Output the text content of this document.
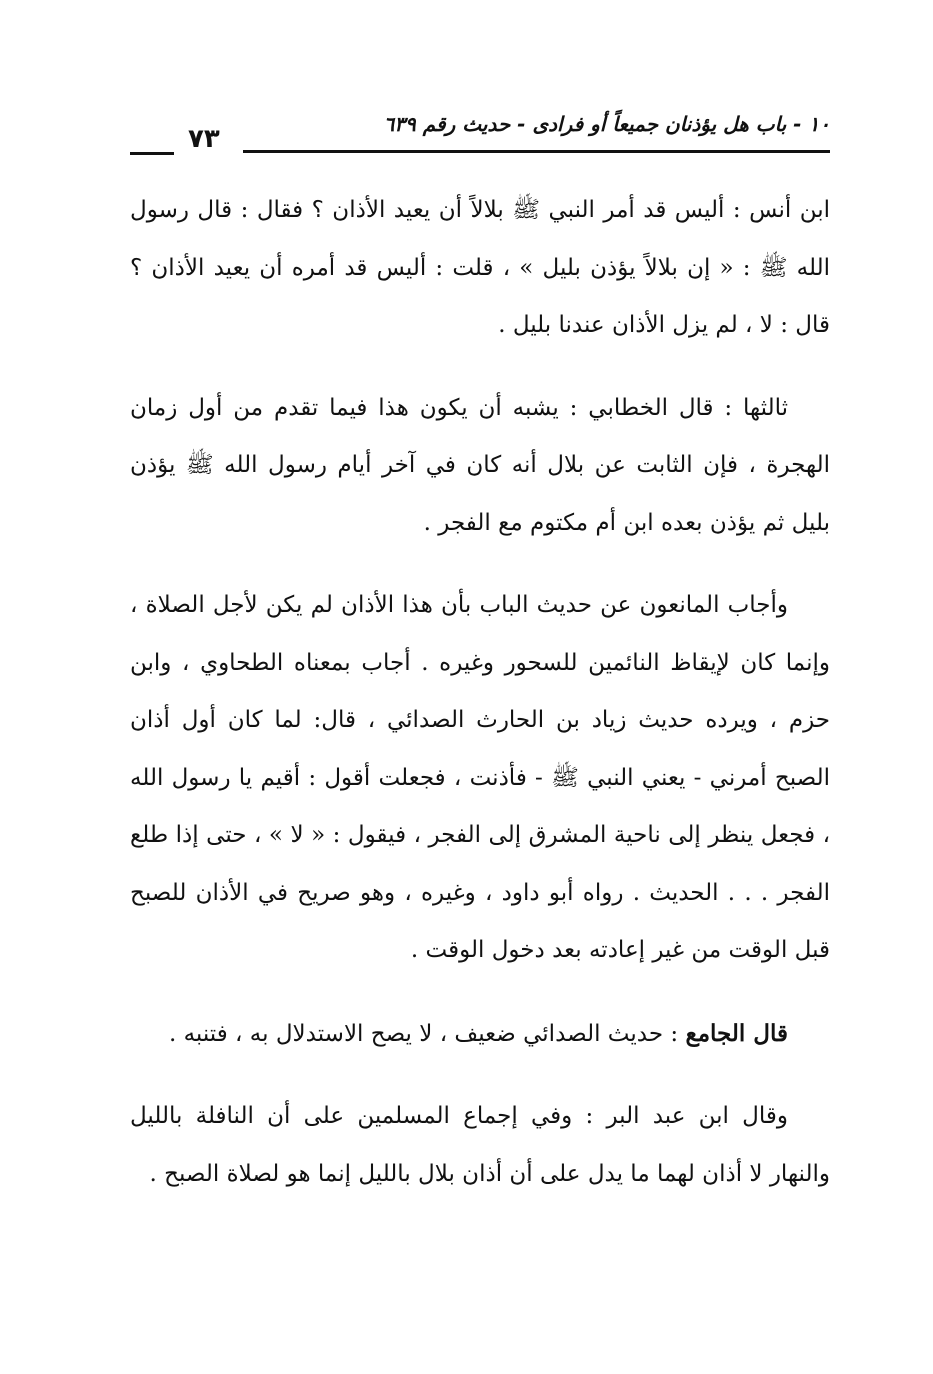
١٠ - باب هل يؤذنان جميعاً أو فرادى - حديث رقم ٦٣٩
٧٣

ابن أنس : أليس قد أمر النبي ﷺ بلالاً أن يعيد الأذان ؟ فقال : قال رسول الله ﷺ : « إن بلالاً يؤذن بليل » ، قلت : أليس قد أمره أن يعيد الأذان ؟ قال : لا ، لم يزل الأذان عندنا بليل .

ثالثها : قال الخطابي : يشبه أن يكون هذا فيما تقدم من أول زمان الهجرة ، فإن الثابت عن بلال أنه كان في آخر أيام رسول الله ﷺ يؤذن بليل ثم يؤذن بعده ابن أم مكتوم مع الفجر .

وأجاب المانعون عن حديث الباب بأن هذا الأذان لم يكن لأجل الصلاة ، وإنما كان لإيقاظ النائمين للسحور وغيره . أجاب بمعناه الطحاوي ، وابن حزم ، ويرده حديث زياد بن الحارث الصدائي ، قال: لما كان أول أذان الصبح أمرني - يعني النبي ﷺ - فأذنت ، فجعلت أقول : أقيم يا رسول الله ، فجعل ينظر إلى ناحية المشرق إلى الفجر ، فيقول : « لا » ، حتى إذا طلع الفجر . . . الحديث . رواه أبو داود ، وغيره ، وهو صريح في الأذان للصبح قبل الوقت من غير إعادته بعد دخول الوقت .

قال الجامع : حديث الصدائي ضعيف ، لا يصح الاستدلال به ، فتنبه .

وقال ابن عبد البر : وفي إجماع المسلمين على أن النافلة بالليل والنهار لا أذان لهما ما يدل على أن أذان بلال بالليل إنما هو لصلاة الصبح .
